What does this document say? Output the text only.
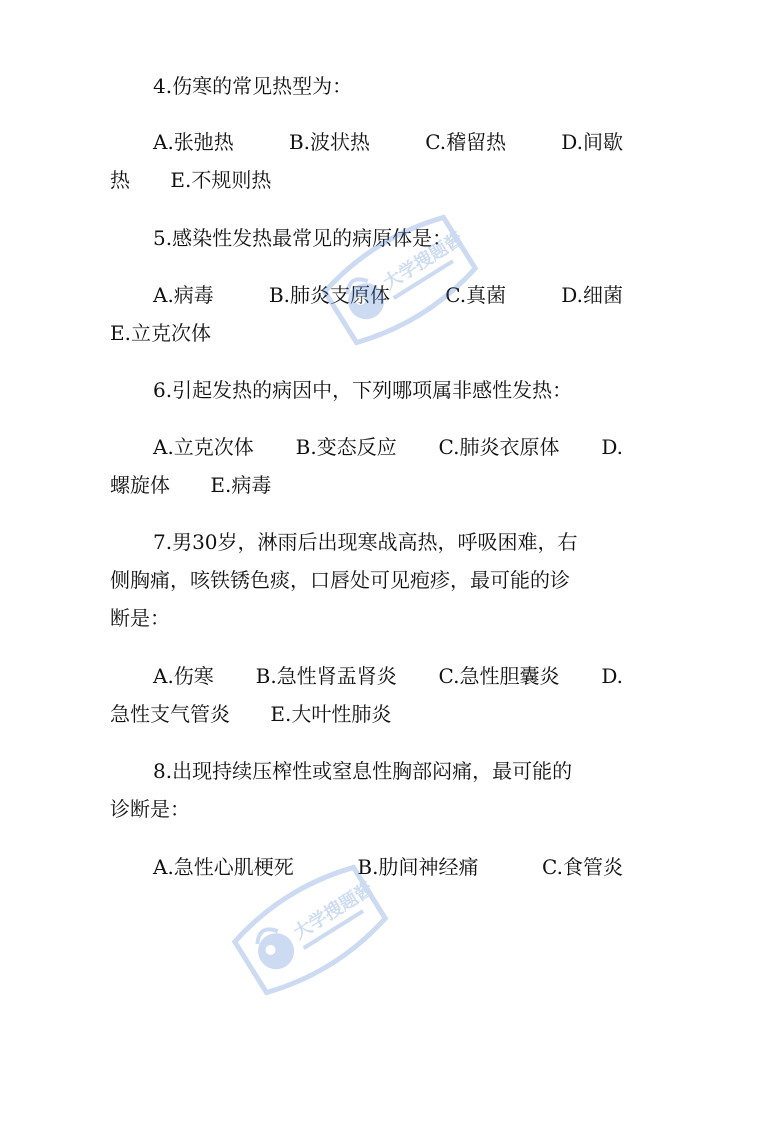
4.伤寒的常见热型为：
A.张弛热	B.波状热	C.稽留热	D.间歇
热 E.不规则热
5.感染性发热最常见的病原体是：
A.病毒	B.肺炎支原体	C.真菌	D.细菌
E.立克次体
6.引起发热的病因中，下列哪项属非感性发热：
A.立克次体 B.变态反应 C.肺炎衣原体 D.
螺旋体 E.病毒
7.男30岁，淋雨后出现寒战高热，呼吸困难，右
侧胸痛，咳铁锈色痰，口唇处可见疱疹，最可能的诊
断是：
A.伤寒 B.急性肾盂肾炎 C.急性胆囊炎 D.
急性支气管炎 E.大叶性肺炎
8.出现持续压榨性或窒息性胸部闷痛，最可能的
诊断是：
A.急性心肌梗死	B.肋间神经痛	C.食管炎
大学搜题酱
大学搜题酱
